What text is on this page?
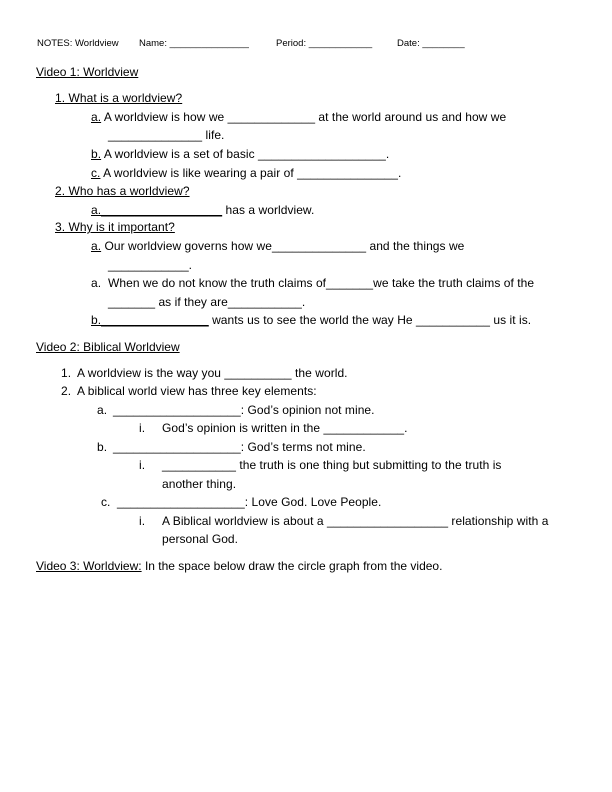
NOTES: Worldview Name: _______________	Period: ____________	Date: ________
Video 1: Worldview
1. What is a worldview?
a. A worldview is how we _____________ at the world around us and how we
______________ life.
b. A worldview is a set of basic ___________________.
c. A worldview is like wearing a pair of _______________.
2. Who has a worldview?
a.__________________ has a worldview.
3. Why is it important?
a. Our worldview governs how we______________ and the things we
____________.
a. When we do not know the truth claims of_______we take the truth claims of the
_______ as if they are___________.
b.________________ wants us to see the world the way He ___________ us it is.
Video 2: Biblical Worldview
1. A worldview is the way you __________ the world.
2. A biblical world view has three key elements:
a. ___________________: God’s opinion not mine.
i. God’s opinion is written in the ____________.
b. ___________________: God’s terms not mine.
i. ___________ the truth is one thing but submitting to the truth is
another thing.
c. ___________________: Love God. Love People.
i. A Biblical worldview is about a __________________ relationship with a
personal God.
Video 3: Worldview: In the space below draw the circle graph from the video.
